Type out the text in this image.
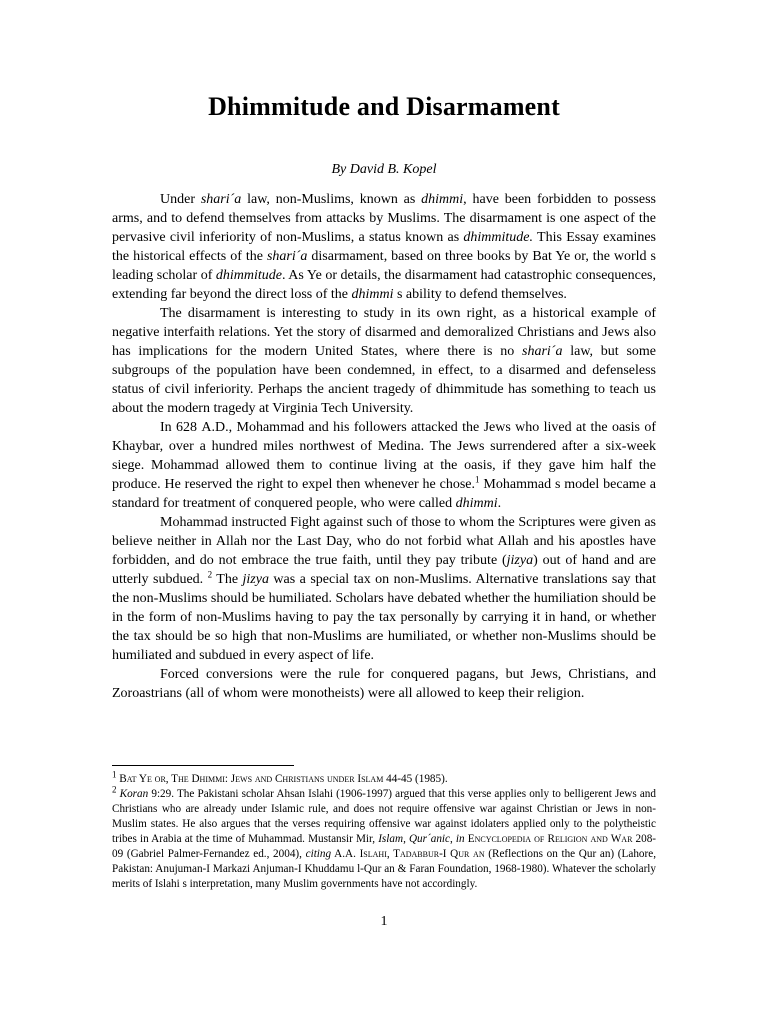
Dhimmitude and Disarmament
By David B. Kopel

Under shari´a law, non-Muslims, known as dhimmi, have been forbidden to possess arms, and to defend themselves from attacks by Muslims. The disarmament is one aspect of the pervasive civil inferiority of non-Muslims, a status known as dhimmitude. This Essay examines the historical effects of the shari´a disarmament, based on three books by Bat Ye or, the world s leading scholar of dhimmitude. As Ye or details, the disarmament had catastrophic consequences, extending far beyond the direct loss of the dhimmi s ability to defend themselves.

The disarmament is interesting to study in its own right, as a historical example of negative interfaith relations. Yet the story of disarmed and demoralized Christians and Jews also has implications for the modern United States, where there is no shari´a law, but some subgroups of the population have been condemned, in effect, to a disarmed and defenseless status of civil inferiority. Perhaps the ancient tragedy of dhimmitude has something to teach us about the modern tragedy at Virginia Tech University.

In 628 A.D., Mohammad and his followers attacked the Jews who lived at the oasis of Khaybar, over a hundred miles northwest of Medina. The Jews surrendered after a six-week siege. Mohammad allowed them to continue living at the oasis, if they gave him half the produce. He reserved the right to expel then whenever he chose.$^1$ Mohammad s model became a standard for treatment of conquered people, who were called dhimmi.

Mohammad instructed Fight against such of those to whom the Scriptures were given as believe neither in Allah nor the Last Day, who do not forbid what Allah and his apostles have forbidden, and do not embrace the true faith, until they pay tribute (jizya) out of hand and are utterly subdued. $^2$ The jizya was a special tax on non-Muslims. Alternative translations say that the non-Muslims should be humiliated. Scholars have debated whether the humiliation should be in the form of non-Muslims having to pay the tax personally by carrying it in hand, or whether the tax should be so high that non-Muslims are humiliated, or whether non-Muslims should be humiliated and subdued in every aspect of life.

Forced conversions were the rule for conquered pagans, but Jews, Christians, and Zoroastrians (all of whom were monotheists) were all allowed to keep their religion.

$^1$ Bat Ye or, The Dhimmi: Jews and Christians under Islam 44-45 (1985).

$^2$ Koran 9:29. The Pakistani scholar Ahsan Islahi (1906-1997) argued that this verse applies only to belligerent Jews and Christians who are already under Islamic rule, and does not require offensive war against Christian or Jews in non-Muslim states. He also argues that the verses requiring offensive war against idolaters applied only to the polytheistic tribes in Arabia at the time of Muhammad. Mustansir Mir, Islam, Qur´anic, in Encyclopedia of Religion and War 208-09 (Gabriel Palmer-Fernandez ed., 2004), citing A.A. Islahi, Tadabbur-I Qur an (Reflections on the Qur an) (Lahore, Pakistan: Anujuman-I Markazi Anjuman-I Khuddamu l-Qur an & Faran Foundation, 1968-1980). Whatever the scholarly merits of Islahi s interpretation, many Muslim governments have not accordingly.

1
